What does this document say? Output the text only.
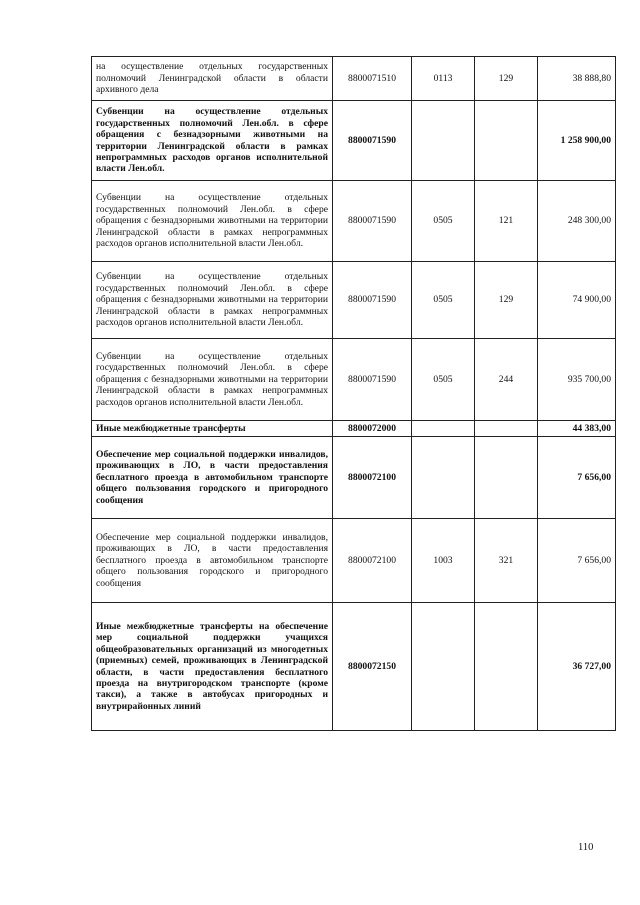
на осуществление отдельных государственных полномочий Ленинградской области в области архивного дела	8800071510	0113	129	38 888,80
Субвенции на осуществление отдельных государственных полномочий Лен.обл. в сфере обращения с безнадзорными животными на территории Ленинградской области в рамках непрограммных расходов органов исполнительной власти Лен.обл.	8800071590			1 258 900,00
Субвенции на осуществление отдельных государственных полномочий Лен.обл. в сфере обращения с безнадзорными животными на территории Ленинградской области в рамках непрограммных расходов органов исполнительной власти Лен.обл.	8800071590	0505	121	248 300,00
Субвенции на осуществление отдельных государственных полномочий Лен.обл. в сфере обращения с безнадзорными животными на территории Ленинградской области в рамках непрограммных расходов органов исполнительной власти Лен.обл.	8800071590	0505	129	74 900,00
Субвенции на осуществление отдельных государственных полномочий Лен.обл. в сфере обращения с безнадзорными животными на территории Ленинградской области в рамках непрограммных расходов органов исполнительной власти Лен.обл.	8800071590	0505	244	935 700,00
Иные межбюджетные трансферты	8800072000			44 383,00
Обеспечение мер социальной поддержки инвалидов, проживающих в ЛО, в части предоставления бесплатного проезда в автомобильном транспорте общего пользования городского и пригородного сообщения	8800072100			7 656,00
Обеспечение мер социальной поддержки инвалидов, проживающих в ЛО, в части предоставления бесплатного проезда в автомобильном транспорте общего пользования городского и пригородного сообщения	8800072100	1003	321	7 656,00
Иные межбюджетные трансферты на обеспечение мер социальной поддержки учащихся общеобразовательных организаций из многодетных (приемных) семей, проживающих в Ленинградской области, в части предоставления бесплатного проезда на внутригородском транспорте (кроме такси), а также в автобусах пригородных и внутрирайонных линий	8800072150			36 727,00
110
